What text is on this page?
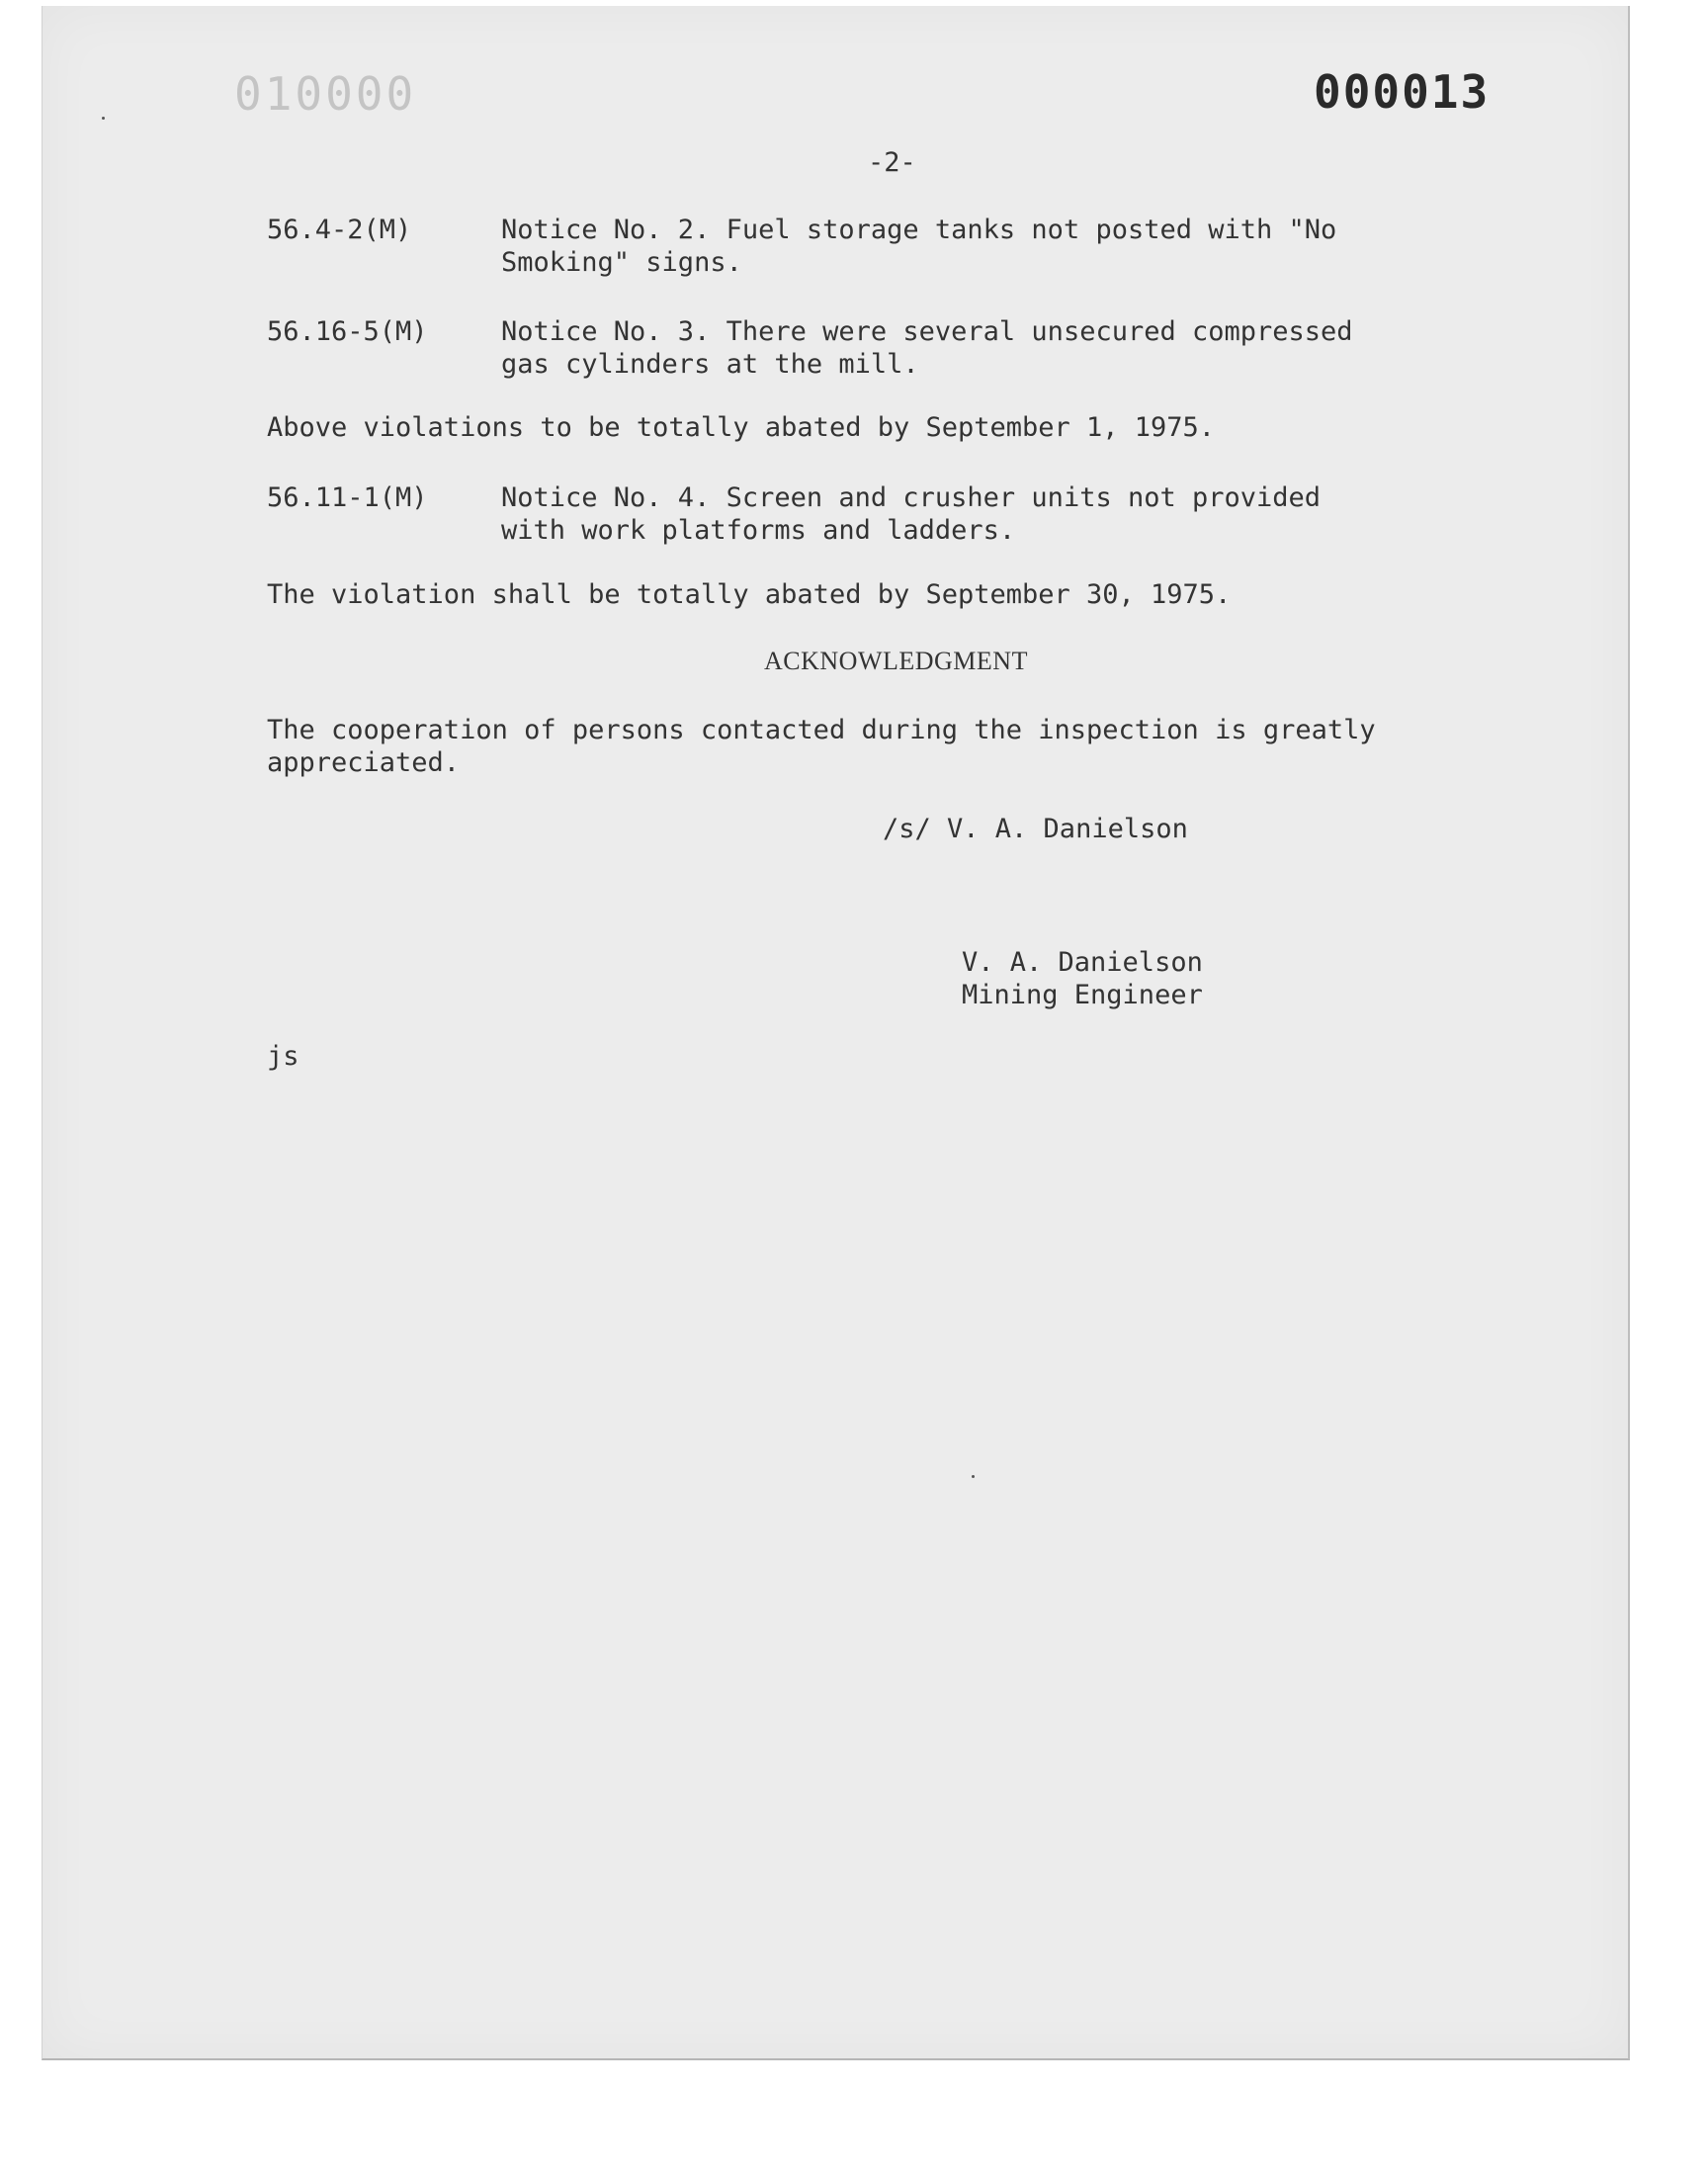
010000	000013
-2-
56.4-2(M)	Notice No. 2. Fuel storage tanks not posted with "No
Smoking" signs.
56.16-5(M)	Notice No. 3. There were several unsecured compressed
gas cylinders at the mill.
Above violations to be totally abated by September 1, 1975.
56.11-1(M)	Notice No. 4. Screen and crusher units not provided
with work platforms and ladders.
The violation shall be totally abated by September 30, 1975.
ACKNOWLEDGMENT
The cooperation of persons contacted during the inspection is greatly
appreciated.
/s/ V. A. Danielson
V. A. Danielson
Mining Engineer
js
